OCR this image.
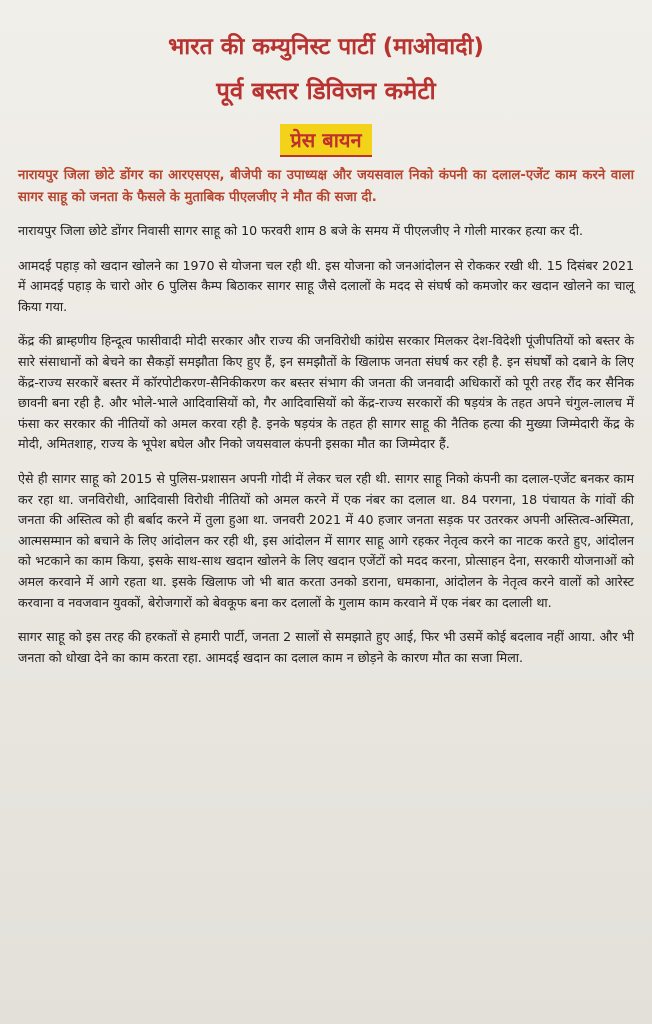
भारत की कम्युनिस्ट पार्टी (माओवादी)
पूर्व बस्तर डिविजन कमेटी
प्रेस बायन

नारायपुर जिला छोटे डोंगर का आरएसएस, बीजेपी का उपाध्यक्ष और जयसवाल निको कंपनी का दलाल-एजेंट काम करने वाला सागर साहू को जनता के फैसले के मुताबिक पीएलजीए ने मौत की सजा दी.

नारायपुर जिला छोटे डोंगर निवासी सागर साहू को 10 फरवरी शाम 8 बजे के समय में पीएलजीए ने गोली मारकर हत्या कर दी.

आमदई पहाड़ को खदान खोलने का 1970 से योजना चल रही थी. इस योजना को जनआंदोलन से रोककर रखी थी. 15 दिसंबर 2021 में आमदई पहाड़ के चारो ओर 6 पुलिस कैम्प बिठाकर सागर साहू जैसे दलालों के मदद से संघर्ष को कमजोर कर खदान खोलने का चालू किया गया.

केंद्र की ब्राम्हणीय हिन्दूत्व फासीवादी मोदी सरकार और राज्य की जनविरोधी कांग्रेस सरकार मिलकर देश-विदेशी पूंजीपतियों को बस्तर के सारे संसाधानों को बेचने का सैकड़ों समझौता किए हुए हैं, इन समझौतों के खिलाफ जनता संघर्ष कर रही है. इन संघर्षों को दबाने के लिए केंद्र-राज्य सरकारें बस्तर में कॉरपोटीकरण-सैनिकीकरण कर बस्तर संभाग की जनता की जनवादी अधिकारों को पूरी तरह रौंद कर सैनिक छावनी बना रही है. और भोले-भाले आदिवासियों को, गैर आदिवासियों को केंद्र-राज्य सरकारों की षड़यंत्र के तहत अपने चंगुल-लालच में फंसा कर सरकार की नीतियों को अमल करवा रही है. इनके षड़यंत्र के तहत ही सागर साहू की नैतिक हत्या की मुख्या जिम्मेदारी केंद्र के मोदी, अमितशाह, राज्य के भूपेश बघेल और निको जयसवाल कंपनी इसका मौत का जिम्मेदार हैं.

ऐसे ही सागर साहू को 2015 से पुलिस-प्रशासन अपनी गोदी में लेकर चल रही थी. सागर साहू निको कंपनी का दलाल-एजेंट बनकर काम कर रहा था. जनविरोधी, आदिवासी विरोधी नीतियों को अमल करने में एक नंबर का दलाल था. 84 परगना, 18 पंचायत के गांवों की जनता की अस्तित्व को ही बर्बाद करने में तुला हुआ था. जनवरी 2021 में 40 हजार जनता सड़क पर उतरकर अपनी अस्तित्व-अस्मिता, आत्मसम्मान को बचाने के लिए आंदोलन कर रही थी, इस आंदोलन में सागर साहू आगे रहकर नेतृत्व करने का नाटक करते हुए, आंदोलन को भटकाने का काम किया, इसके साथ-साथ खदान खोलने के लिए खदान एजेंटों को मदद करना, प्रोत्साहन देना, सरकारी योजनाओं को अमल करवाने में आगे रहता था. इसके खिलाफ जो भी बात करता उनको डराना, धमकाना, आंदोलन के नेतृत्व करने वालों को आरेस्ट करवाना व नवजवान युवकों, बेरोजगारों को बेवकूफ बना कर दलालों के गुलाम काम करवाने में एक नंबर का दलाली था.

सागर साहू को इस तरह की हरकतों से हमारी पार्टी, जनता 2 सालों से समझाते हुए आई, फिर भी उसमें कोई बदलाव नहीं आया. और भी जनता को धोखा देने का काम करता रहा. आमदई खदान का दलाल काम न छोड़ने के कारण मौत का सजा मिला.
